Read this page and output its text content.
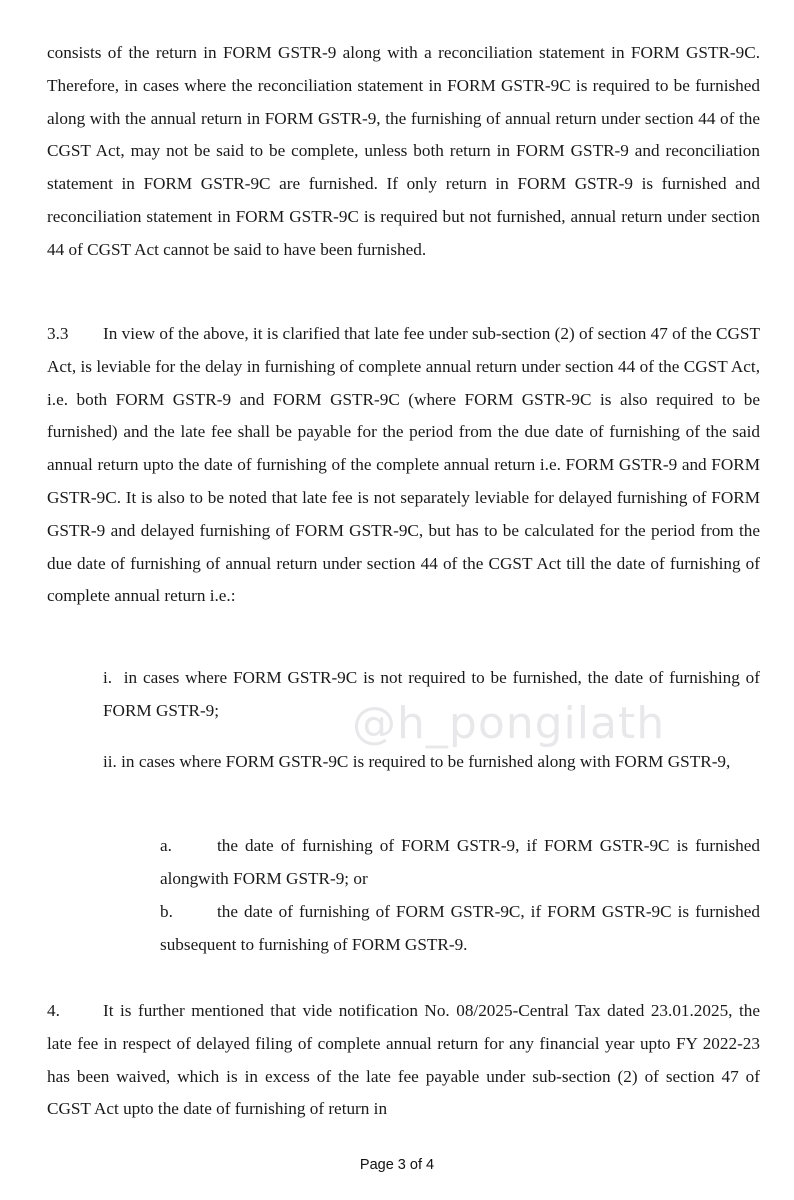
consists of the return in FORM GSTR-9 along with a reconciliation statement in FORM GSTR-9C. Therefore, in cases where the reconciliation statement in FORM GSTR-9C is required to be furnished along with the annual return in FORM GSTR-9, the furnishing of annual return under section 44 of the CGST Act, may not be said to be complete, unless both return in FORM GSTR-9 and reconciliation statement in FORM GSTR-9C are furnished. If only return in FORM GSTR-9 is furnished and reconciliation statement in FORM GSTR-9C is required but not furnished, annual return under section 44 of CGST Act cannot be said to have been furnished.
3.3 In view of the above, it is clarified that late fee under sub-section (2) of section 47 of the CGST Act, is leviable for the delay in furnishing of complete annual return under section 44 of the CGST Act, i.e. both FORM GSTR-9 and FORM GSTR-9C (where FORM GSTR-9C is also required to be furnished) and the late fee shall be payable for the period from the due date of furnishing of the said annual return upto the date of furnishing of the complete annual return i.e. FORM GSTR-9 and FORM GSTR-9C. It is also to be noted that late fee is not separately leviable for delayed furnishing of FORM GSTR-9 and delayed furnishing of FORM GSTR-9C, but has to be calculated for the period from the due date of furnishing of annual return under section 44 of the CGST Act till the date of furnishing of complete annual return i.e.:
i. in cases where FORM GSTR-9C is not required to be furnished, the date of furnishing of FORM GSTR-9;
ii. in cases where FORM GSTR-9C is required to be furnished along with FORM GSTR-9,
a.	the date of furnishing of FORM GSTR-9, if FORM GSTR-9C is furnished alongwith FORM GSTR-9; or
b.	the date of furnishing of FORM GSTR-9C, if FORM GSTR-9C is furnished subsequent to furnishing of FORM GSTR-9.
4.	It is further mentioned that vide notification No. 08/2025-Central Tax dated 23.01.2025, the late fee in respect of delayed filing of complete annual return for any financial year upto FY 2022-23 has been waived, which is in excess of the late fee payable under sub-section (2) of section 47 of CGST Act upto the date of furnishing of return in
@h_pongilath
Page 3 of 4
